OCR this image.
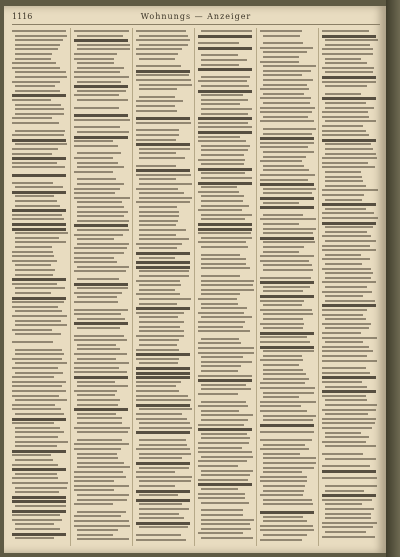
1116	Wohnungs — Anzeiger
